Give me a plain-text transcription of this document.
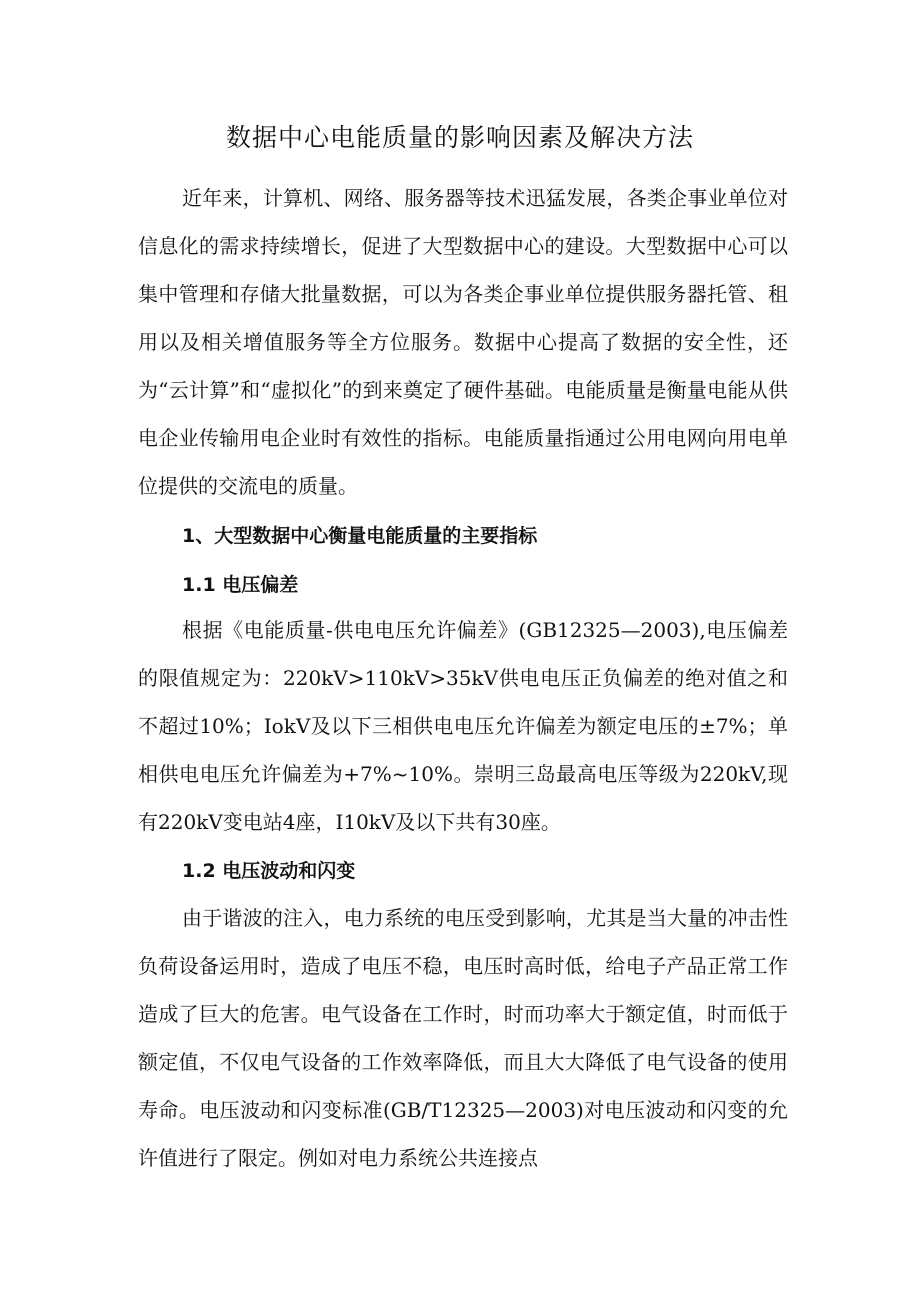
数据中心电能质量的影响因素及解决方法

近年来，计算机、网络、服务器等技术迅猛发展，各类企事业单位对信息化的需求持续增长，促进了大型数据中心的建设。大型数据中心可以集中管理和存储大批量数据，可以为各类企事业单位提供服务器托管、租用以及相关增值服务等全方位服务。数据中心提高了数据的安全性，还为“云计算”和“虚拟化”的到来奠定了硬件基础。电能质量是衡量电能从供电企业传输用电企业时有效性的指标。电能质量指通过公用电网向用电单位提供的交流电的质量。

1、大型数据中心衡量电能质量的主要指标
1.1 电压偏差

根据《电能质量-供电电压允许偏差》(GB12325—2003),电压偏差的限值规定为：220kV>110kV>35kV供电电压正负偏差的绝对值之和不超过10%；IokV及以下三相供电电压允许偏差为额定电压的±7%；单相供电电压允许偏差为+7%~10%。崇明三岛最高电压等级为220kV,现有220kV变电站4座，I10kV及以下共有30座。

1.2 电压波动和闪变

由于谐波的注入，电力系统的电压受到影响，尤其是当大量的冲击性负荷设备运用时，造成了电压不稳，电压时高时低，给电子产品正常工作造成了巨大的危害。电气设备在工作时，时而功率大于额定值，时而低于额定值，不仅电气设备的工作效率降低，而且大大降低了电气设备的使用寿命。电压波动和闪变标准(GB/T12325—2003)对电压波动和闪变的允许值进行了限定。例如对电力系统公共连接点
